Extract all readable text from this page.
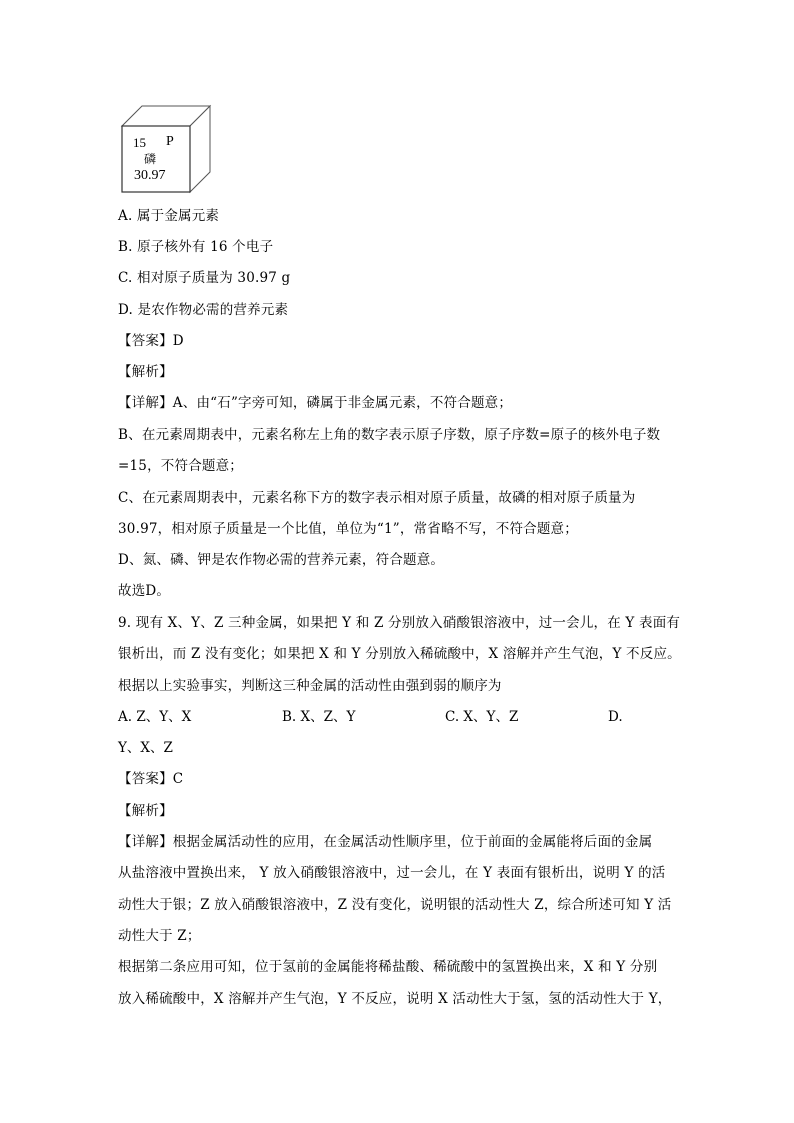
15 P
磷
30.97
A. 属于金属元素
B. 原子核外有 16 个电子
C. 相对原子质量为 30.97 g
D. 是农作物必需的营养元素
【答案】D
【解析】
【详解】A、由“石”字旁可知，磷属于非金属元素，不符合题意；
B、在元素周期表中，元素名称左上角的数字表示原子序数，原子序数=原子的核外电子数
=15，不符合题意；
C、在元素周期表中，元素名称下方的数字表示相对原子质量，故磷的相对原子质量为
30.97，相对原子质量是一个比值，单位为“1”，常省略不写，不符合题意；
D、氮、磷、钾是农作物必需的营养元素，符合题意。
故选D。
9. 现有 X、Y、Z 三种金属，如果把 Y 和 Z 分别放入硝酸银溶液中，过一会儿，在 Y 表面有
银析出，而 Z 没有变化；如果把 X 和 Y 分别放入稀硫酸中，X 溶解并产生气泡，Y 不反应。
根据以上实验事实，判断这三种金属的活动性由强到弱的顺序为
A. Z、Y、X	B. X、Z、Y	C. X、Y、Z	D.
Y、X、Z
【答案】C
【解析】
【详解】根据金属活动性的应用，在金属活动性顺序里，位于前面的金属能将后面的金属
从盐溶液中置换出来， Y 放入硝酸银溶液中，过一会儿，在 Y 表面有银析出，说明 Y 的活
动性大于银；Z 放入硝酸银溶液中，Z 没有变化，说明银的活动性大 Z，综合所述可知 Y 活
动性大于 Z；
根据第二条应用可知，位于氢前的金属能将稀盐酸、稀硫酸中的氢置换出来，X 和 Y 分别
放入稀硫酸中，X 溶解并产生气泡，Y 不反应，说明 X 活动性大于氢，氢的活动性大于 Y，
